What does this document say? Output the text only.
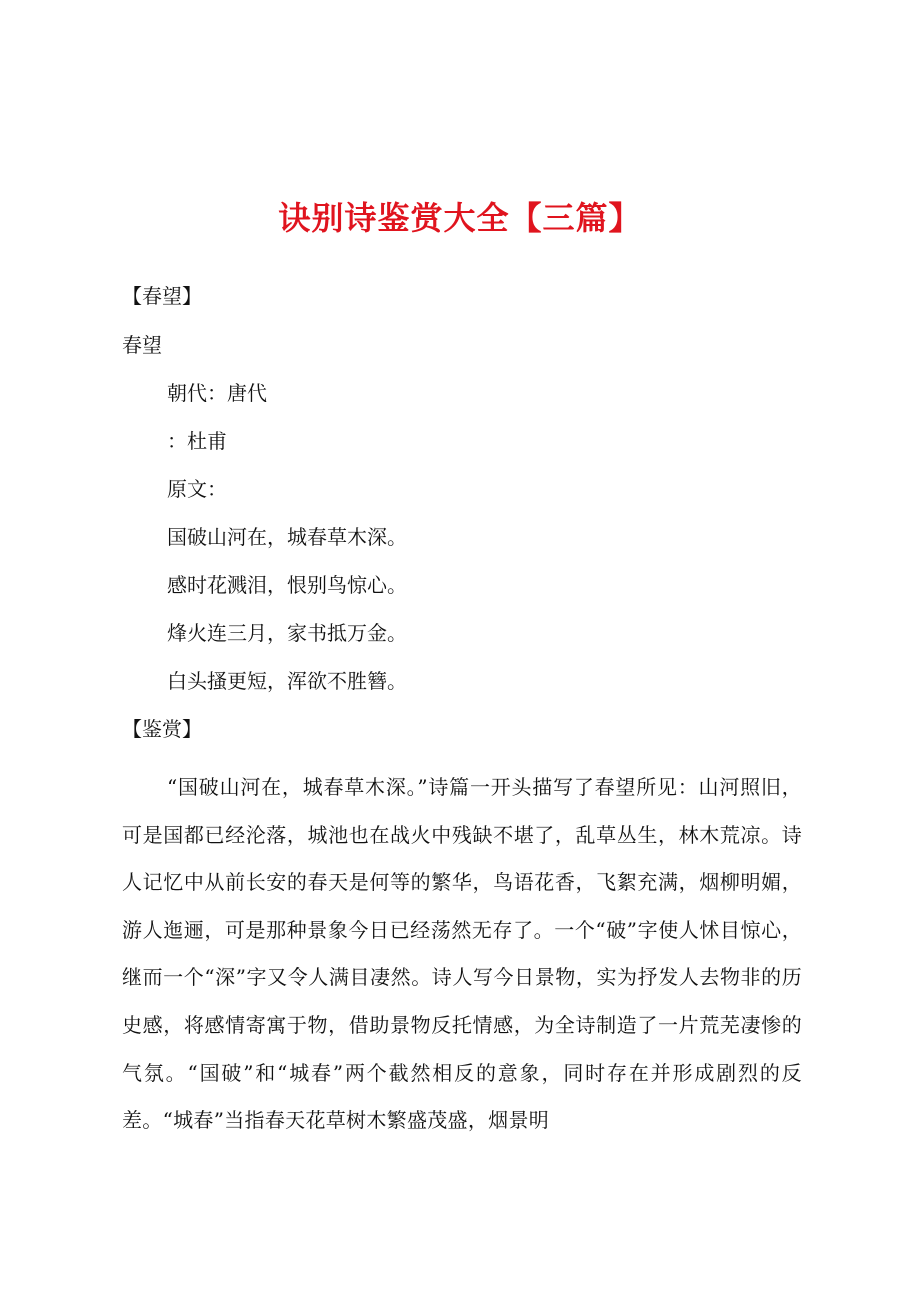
诀别诗鉴赏大全【三篇】
【春望】
春望
朝代：唐代
：杜甫
原文：
国破山河在，城春草木深。
感时花溅泪，恨别鸟惊心。
烽火连三月，家书抵万金。
白头搔更短，浑欲不胜簪。
【鉴赏】
“国破山河在，城春草木深。”诗篇一开头描写了春望所见：山河照旧，可是国都已经沦落，城池也在战火中残缺不堪了，乱草丛生，林木荒凉。诗人记忆中从前长安的春天是何等的繁华，鸟语花香，飞絮充满，烟柳明媚，游人迤逦，可是那种景象今日已经荡然无存了。一个“破”字使人怵目惊心，继而一个“深”字又令人满目凄然。诗人写今日景物，实为抒发人去物非的历史感，将感情寄寓于物，借助景物反托情感，为全诗制造了一片荒芜凄惨的气氛。“国破”和“城春”两个截然相反的意象，同时存在并形成剧烈的反差。“城春”当指春天花草树木繁盛茂盛，烟景明
